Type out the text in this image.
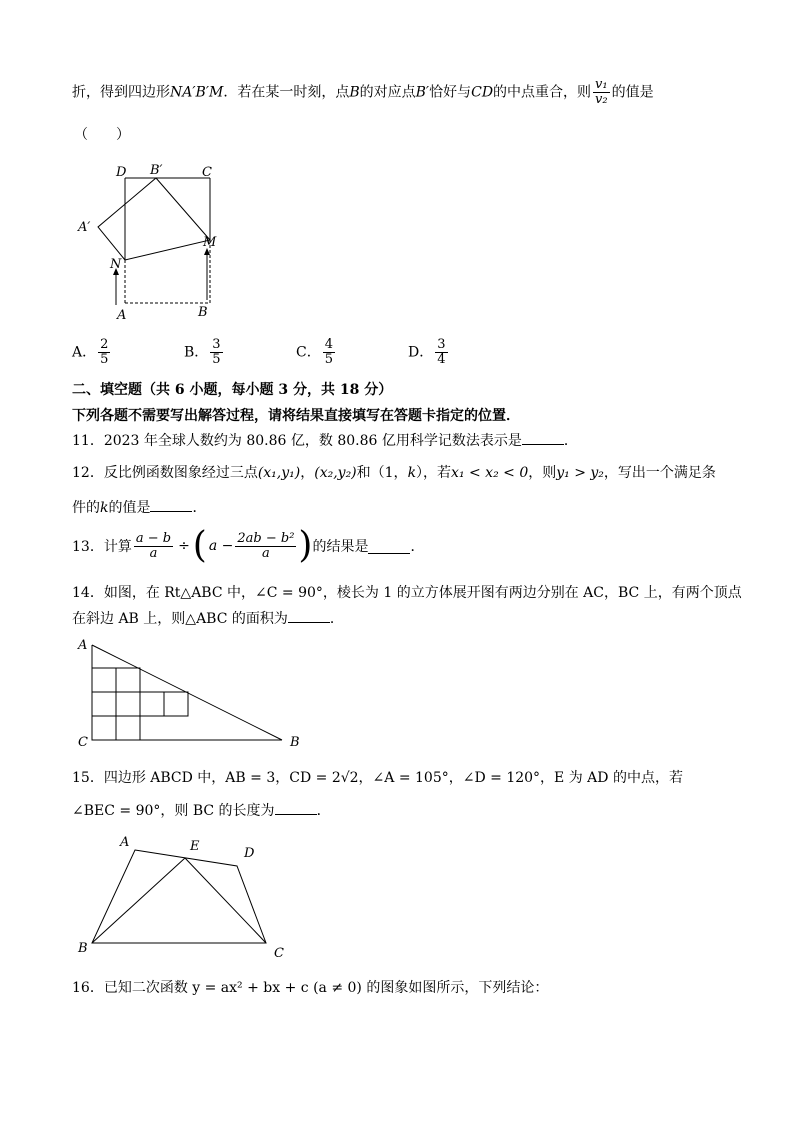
折，得到四边形NA′B′M．若在某一时刻，点B的对应点B′恰好与CD的中点重合，则 $\frac{\text{v₁}}{\text{v₂}}$ 的值是
（　　）
D B′	C
A′
M
N
A	B
A． $\frac{2}{5}$	B． $\frac{3}{5}$	C． $\frac{4}{5}$	D． $\frac{3}{4}$
二、填空题（共 6 小题，每小题 3 分，共 18 分）
下列各题不需要写出解答过程，请将结果直接填写在答题卡指定的位置．
11．2023 年全球人数约为 80.86 亿，数 80.86 亿用科学记数法表示是	．
12．反比例函数图象经过三点(x₁,y₁)，(x₂,y₂)和（1，k），若x₁ < x₂ < 0，则y₁ > y₂，写出一个满足条
件的k的值是	．
13．计算 $\frac{a - b}{a}$ ÷ ( $a - \frac{\text{2ab − b²}}{a}$ ) 的结果是	．
14．如图，在 Rt△ABC 中，∠C = 90°，棱长为 1 的立方体展开图有两边分别在 AC，BC 上，有两个顶点
在斜边 AB 上，则△ABC 的面积为	．
A
C	B
15．四边形 ABCD 中，AB = 3，CD = 2√2，∠A = 105°，∠D = 120°，E 为 AD 的中点，若
∠BEC = 90°，则 BC 的长度为	．
A	E	D
B	C
16．已知二次函数 y = ax² + bx + c (a ≠ 0) 的图象如图所示，下列结论：
